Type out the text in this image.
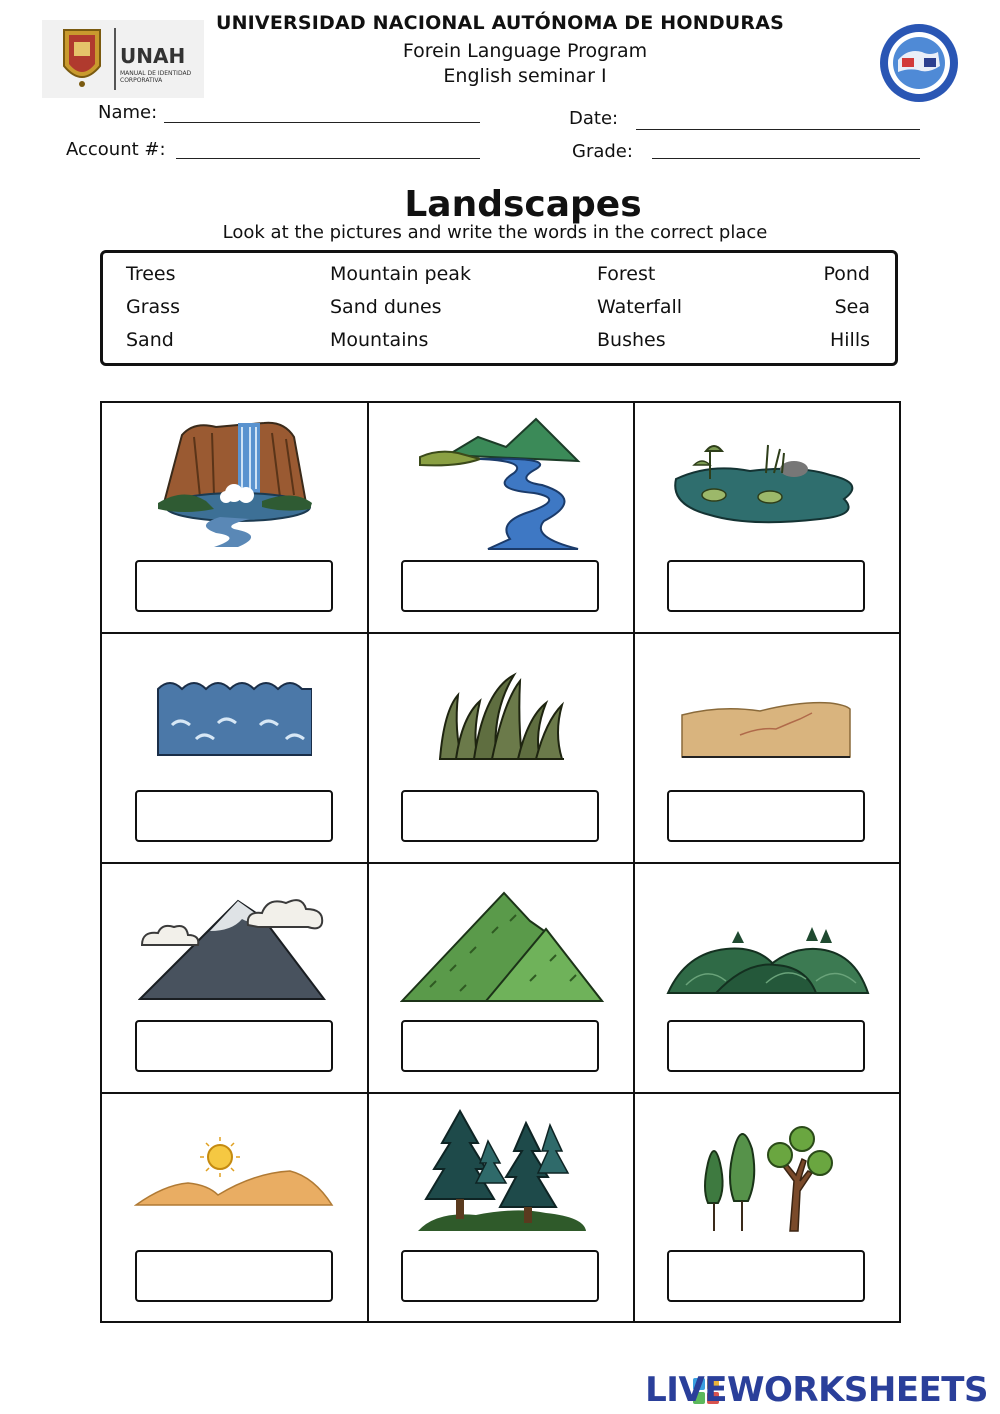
UNAH
MANUAL DE IDENTIDAD CORPORATIVA
UNIVERSIDAD NACIONAL AUTÓNOMA DE HONDURAS
Forein Language Program
English seminar I
Name:
Account #:
Date:
Grade:
Landscapes
Look at the pictures and write the words in the correct place
Trees	Mountain peak	Forest	Pond
Grass	Sand dunes	Waterfall	Sea
Sand	Mountains	Bushes	Hills
LIVEWORKSHEETS
